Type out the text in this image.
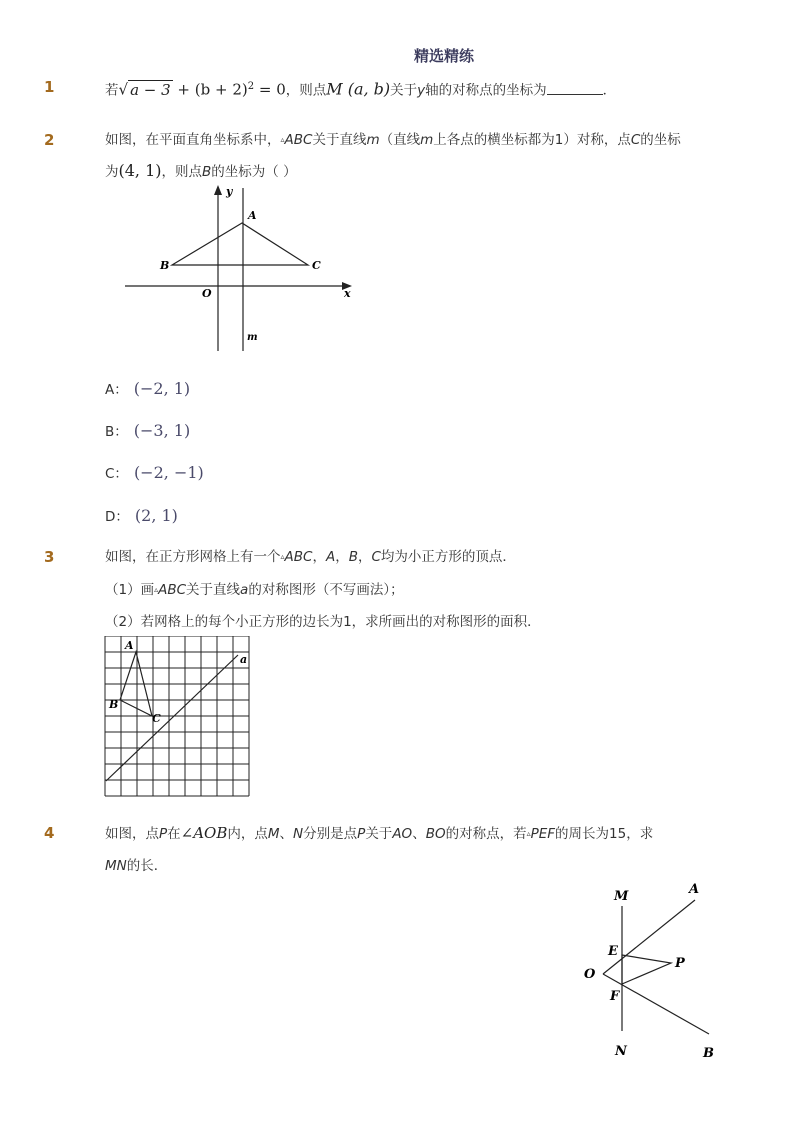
精选精练
1	若√ $a - 3 + (b + 2)^2 = 0$，则点M (a, b)关于y轴的对称点的坐标为	．
2	如图，在平面直角坐标系中，▵ABC关于直线m（直线m上各点的横坐标都为1）对称，点C的坐标
为(4, 1)，则点B的坐标为（ ）
A
B	C
O	x
y
m
A： (−2, 1)
B： (−3, 1)
C： (−2, −1)
D： (2, 1)
3	如图，在正方形网格上有一个▵ABC，A，B，C均为小正方形的顶点．
（1）画▵ABC关于直线a的对称图形（不写画法）；
（2）若网格上的每个小正方形的边长为1，求所画出的对称图形的面积．
A
B
C
a
4	如图，点P在∠AOB内，点M、N分别是点P关于AO、BO的对称点，若▵PEF的周长为15，求
MN的长．
M	A
E
P
O
F
N	B
